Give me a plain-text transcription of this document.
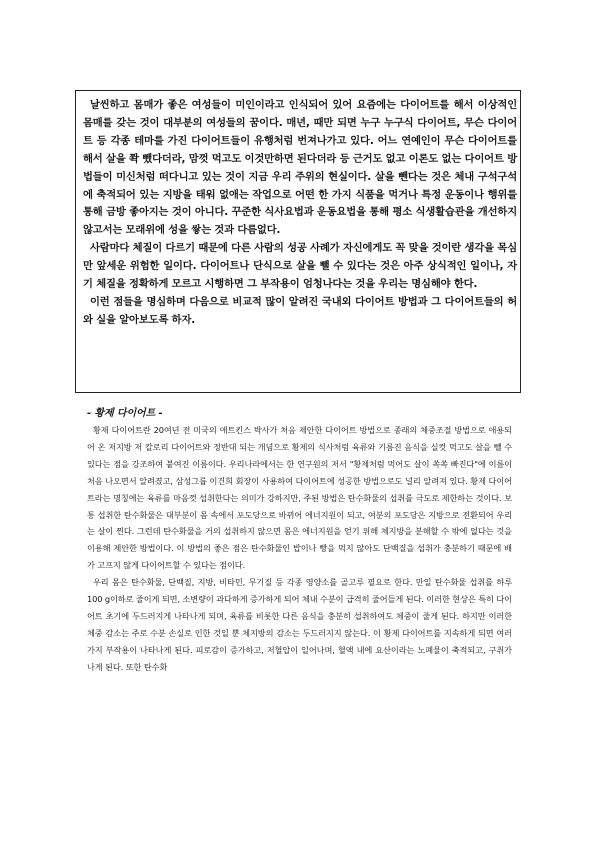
날씬하고 몸매가 좋은 여성들이 미인이라고 인식되어 있어 요즘에는 다이어트를 해서 이상적인 몸매를 갖는 것이 대부분의 여성들의 꿈이다. 매년, 때만 되면 누구 누구식 다이어트, 무슨 다이어트 등 각종 테마를 가진 다이어트들이 유행처럼 번져나가고 있다. 어느 연예인이 무슨 다이어트를 해서 살을 쫙 뺐다더라, 맘껏 먹고도 이것만하면 된다더라 등 근거도 없고 이론도 없는 다이어트 방법들이 미신처럼 떠다니고 있는 것이 지금 우리 주위의 현실이다. 살을 뺀다는 것은 체내 구석구석에 축적되어 있는 지방을 태워 없애는 작업으로 어떤 한 가지 식품을 먹거나 특정 운동이나 행위를 통해 금방 좋아지는 것이 아니다. 꾸준한 식사요법과 운동요법을 통해 평소 식생활습관을 개선하지 않고서는 모래위에 성을 쌓는 것과 다름없다.

사람마다 체질이 다르기 때문에 다른 사람의 성공 사례가 자신에게도 꼭 맞을 것이란 생각을 목심만 앞세운 위험한 일이다. 다이어트나 단식으로 살을 뺄 수 있다는 것은 아주 상식적인 일이나, 자기 체질을 정확하게 모르고 시행하면 그 부작용이 엄청나다는 것을 우리는 명심해야 한다.

이런 점들을 명심하며 다음으로 비교적 많이 알려진 국내외 다이어트 방법과 그 다이어트들의 허와 실을 알아보도록 하자.

- 황제 다이어트 -

황제 다이어트란 20여년 전 미국의 애트킨스 박사가 처음 제안한 다이어트 방법으로 종래의 체중조절 방법으로 애용되어 온 저지방 저 칼로리 다이어트와 정반대 되는 개념으로 황제의 식사처럼 육류와 기름진 음식을 실컷 먹고도 살을 뺄 수 있다는 점을 강조하여 붙여진 이름이다. 우리나라에서는 한 연구원의 저서 "황제처럼 먹어도 살이 쏙쏙 빠진다"에 이름이 처음 나오면서 알려졌고, 삼성그룹 이건희 회장이 사용하여 다이어트에 성공한 방법으로도 널리 알려져 있다. 황제 다이어트라는 명칭에는 육류를 마음껏 섭취한다는 의미가 강하지만, 주된 방법은 탄수화물의 섭취를 극도로 제한하는 것이다. 보통 섭취한 탄수화물은 대부분이 몸 속에서 포도당으로 바뀌어 에너지원이 되고, 여분의 포도당은 지방으로 전환되어 우리는 살이 찐다. 그런데 탄수화물을 거의 섭취하지 않으면 몸은 에너지원을 얻기 위해 체지방을 분해할 수 밖에 없다는 것을 이용해 제안한 방법이다. 이 방법의 좋은 점은 탄수화물인 밥이나 빵을 먹지 않아도 단백질을 섭취가 충분하기 때문에 배가 고프지 않게 다이어트할 수 있다는 점이다.

우리 몸은 탄수화물, 단백질, 지방, 비타민, 무기질 등 각종 영양소를 골고루 필요로 한다. 만일 탄수화물 섭취를 하루 100 g이하로 줄이게 되면, 소변량이 과다하게 증가하게 되어 체내 수분이 급격히 줄어들게 된다. 이러한 현상은 특히 다이어트 초기에 두드러지게 나타나게 되며, 육류를 비롯한 다른 음식을 충분히 섭취하여도 체중이 줄게 된다. 하지만 이러한 체중 감소는 주로 수분 손실로 인한 것일 뿐 체지방의 감소는 두드러지지 않는다. 이 황제 다이어트를 지속하게 되면 여러 가지 부작용이 나타나게 된다. 피로감이 증가하고, 저혈압이 일어나며, 혈액 내에 요산이라는 노폐물이 축적되고, 구취가 나게 된다. 또한 탄수화
